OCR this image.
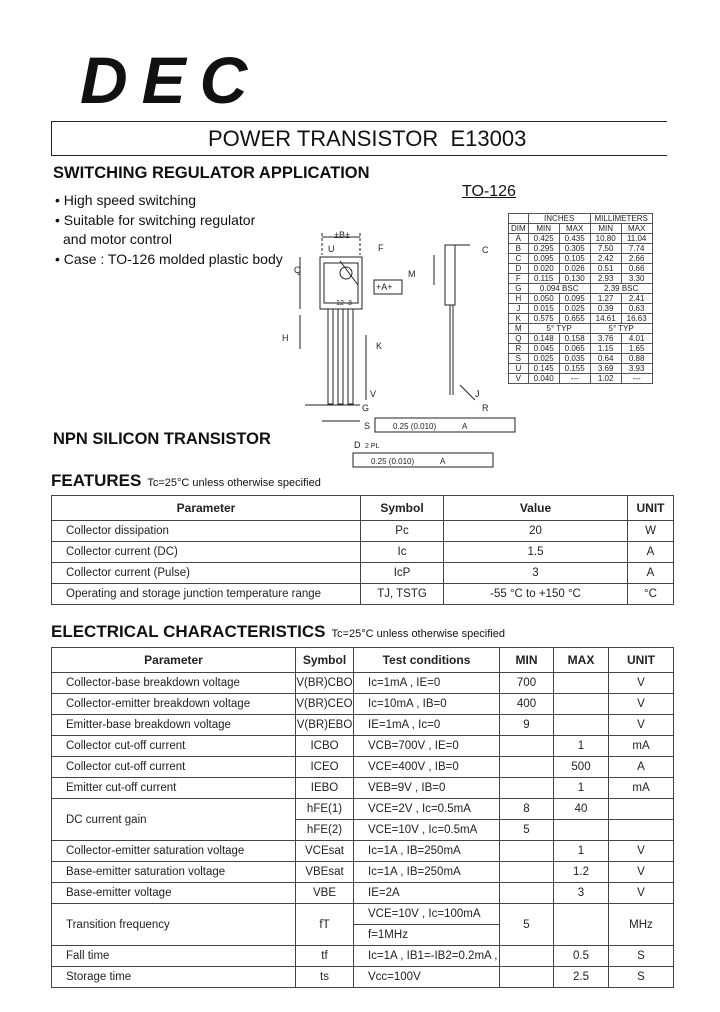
DEC
POWER TRANSISTOR E13003
SWITCHING REGULATOR APPLICATION
• High speed switching
• Suitable for switching regulator
and motor control
• Case : TO-126 molded plastic body
TO-126
±B±
U	F
Q
+A+
H
K
C
M
V
S
G
J
R
D 2 PL
0.25 (0.010)
0.25 (0.010)
A
A
1 2 3
	INCHES		MILLIMETERS	
DIM	MIN	MAX	MIN	MAX
A	0.425	0.435	10.80	11.04
B	0.295	0.305	7.50	7.74
C	0.095	0.105	2.42	2.66
D	0.020	0.026	0.51	0.66
F	0.115	0.130	2.93	3.30
G	0.094 BSC		2.39 BSC	
H	0.050	0.095	1.27	2.41
J	0.015	0.025	0.39	0.63
K	0.575	0.655	14.61	16.63
M	5° TYP		5° TYP	
Q	0.148	0.158	3.76	4.01
R	0.045	0.065	1.15	1.65
S	0.025	0.035	0.64	0.88
U	0.145	0.155	3.69	3.93
V	0.040	---	1.02	---
NPN SILICON TRANSISTOR
FEATURES Tc=25°C unless otherwise specified
Parameter	Symbol	Value	UNIT
Collector dissipation	Pc	20	W
Collector current (DC)	Ic	1.5	A
Collector current (Pulse)	IcP	3	A
Operating and storage junction temperature range	TJ, TSTG	-55 °C to +150 °C	°C
ELECTRICAL CHARACTERISTICS Tc=25°C unless otherwise specified
Parameter	Symbol	Test conditions	MIN	MAX	UNIT
Collector-base breakdown voltage	V(BR)CBO	Ic=1mA , IE=0	700		V
Collector-emitter breakdown voltage	V(BR)CEO	Ic=10mA , IB=0	400		V
Emitter-base breakdown voltage	V(BR)EBO	IE=1mA , Ic=0	9		V
Collector cut-off current	ICBO	VCB=700V , IE=0		1	mA
Collector cut-off current	ICEO	VCE=400V , IB=0		500	A
Emitter cut-off current	IEBO	VEB=9V , IB=0		1	mA
DC current gain	hFE(1)	VCE=2V , Ic=0.5mA	8	40	
	hFE(2)	VCE=10V , Ic=0.5mA	5		
Collector-emitter saturation voltage	VCEsat	Ic=1A , IB=250mA		1	V
Base-emitter saturation voltage	VBEsat	Ic=1A , IB=250mA		1.2	V
Base-emitter voltage	VBE	IE=2A		3	V
Transition frequency	fT	VCE=10V , Ic=100mA	5		MHz
		f=1MHz			
Fall time	tf	Ic=1A , IB1=-IB2=0.2mA ,		0.5	S
Storage time	ts	Vcc=100V		2.5	S
